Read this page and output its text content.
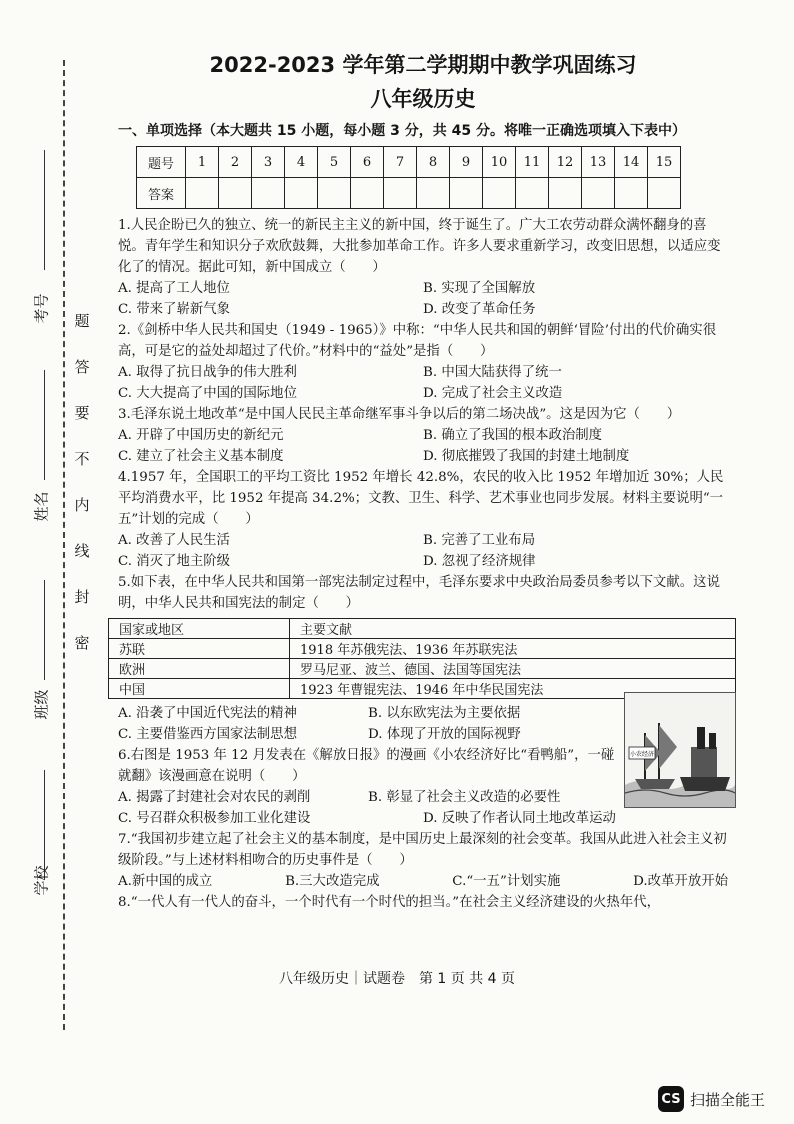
考号
姓名
班级
学校
题
答
要
不
内
线
封
密
2022-2023 学年第二学期期中教学巩固练习
八年级历史
一、单项选择（本大题共 15 小题，每小题 3 分，共 45 分。将唯一正确选项填入下表中）
题号	1	2	3	4	5	6	7	8	9	10	11	12	13	14	15
答案															

1.人民企盼已久的独立、统一的新民主主义的新中国，终于诞生了。广大工农劳动群众满怀翻身的喜悦。青年学生和知识分子欢欣鼓舞，大批参加革命工作。许多人要求重新学习，改变旧思想，以适应变化了的情况。据此可知，新中国成立（　　）

A. 提高了工人地位	B. 实现了全国解放
C. 带来了崭新气象	D. 改变了革命任务

2.《剑桥中华人民共和国史（1949 - 1965）》中称：“中华人民共和国的朝鲜‘冒险’付出的代价确实很高，可是它的益处却超过了代价。”材料中的“益处”是指（　　）

A. 取得了抗日战争的伟大胜利	B. 中国大陆获得了统一
C. 大大提高了中国的国际地位	D. 完成了社会主义改造

3.毛泽东说土地改革“是中国人民民主革命继军事斗争以后的第二场决战”。这是因为它（　　）

A. 开辟了中国历史的新纪元	B. 确立了我国的根本政治制度
C. 建立了社会主义基本制度	D. 彻底摧毁了我国的封建土地制度

4.1957 年，全国职工的平均工资比 1952 年增长 42.8%，农民的收入比 1952 年增加近 30%；人民平均消费水平，比 1952 年提高 34.2%；文教、卫生、科学、艺术事业也同步发展。材料主要说明“一五”计划的完成（　　）

A. 改善了人民生活	B. 完善了工业布局
C. 消灭了地主阶级	D. 忽视了经济规律

5.如下表，在中华人民共和国第一部宪法制定过程中，毛泽东要求中央政治局委员参考以下文献。这说明，中华人民共和国宪法的制定（　　）

国家或地区	主要文献
苏联	1918 年苏俄宪法、1936 年苏联宪法
欧洲	罗马尼亚、波兰、德国、法国等国宪法
中国	1923 年曹锟宪法、1946 年中华民国宪法
A. 沿袭了中国近代宪法的精神	B. 以东欧宪法为主要依据
C. 主要借鉴西方国家法制思想	D. 体现了开放的国际视野

6.右图是 1953 年 12 月发表在《解放日报》的漫画《小农经济好比“看鸭船”，一碰就翻》该漫画意在说明（　　）

A. 揭露了封建社会对农民的剥削	B. 彰显了社会主义改造的必要性
C. 号召群众积极参加工业化建设	D. 反映了作者认同土地改革运动

7.“我国初步建立起了社会主义的基本制度，是中国历史上最深刻的社会变革。我国从此进入社会主义初级阶段。”与上述材料相吻合的历史事件是（　　）

A.新中国的成立	B.三大改造完成	C.“一五”计划实施	D.改革开放开始

8.“一代人有一代人的奋斗，一个时代有一个时代的担当。”在社会主义经济建设的火热年代，

小农经济
八年级历史｜试题卷　第 1 页 共 4 页
CS 扫描全能王
